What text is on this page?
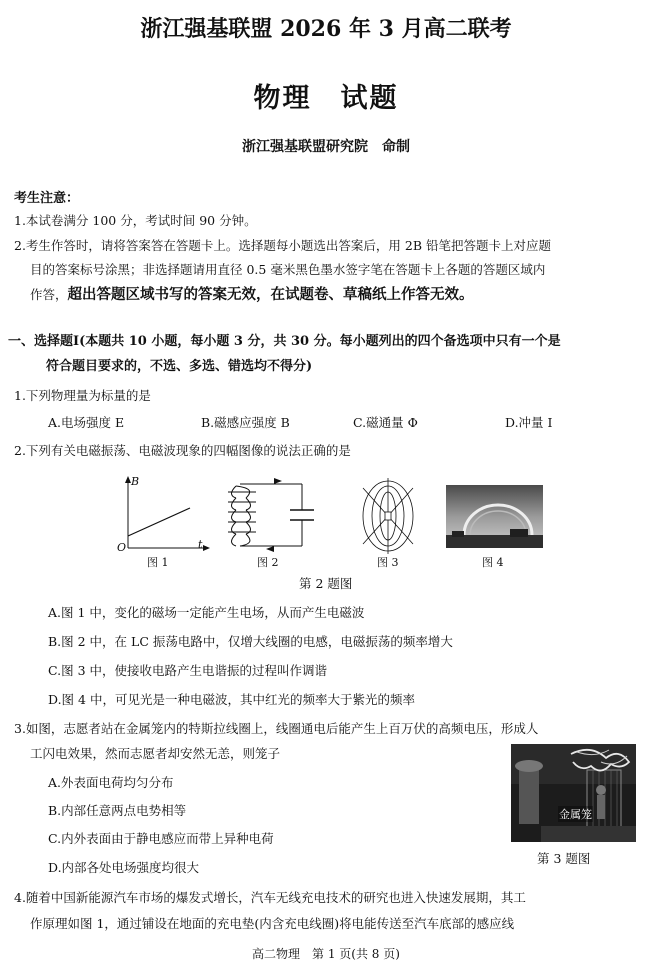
浙江强基联盟 2026 年 3 月高二联考
物理　试题
浙江强基联盟研究院　命制
考生注意：
1.本试卷满分 100 分，考试时间 90 分钟。
2.考生作答时，请将答案答在答题卡上。选择题每小题选出答案后，用 2B 铅笔把答题卡上对应题
目的答案标号涂黑；非选择题请用直径 0.5 毫米黑色墨水签字笔在答题卡上各题的答题区域内
作答，超出答题区域书写的答案无效，在试题卷、草稿纸上作答无效。
一、选择题Ⅰ(本题共 10 小题，每小题 3 分，共 30 分。每小题列出的四个备选项中只有一个是
符合题目要求的，不选、多选、错选均不得分)
1.下列物理量为标量的是
A.电场强度 E	B.磁感应强度 B	C.磁通量 Φ	D.冲量 I
2.下列有关电磁振荡、电磁波现象的四幅图像的说法正确的是
B
t
O
图 1	图 2	图 3	图 4
第 2 题图
A.图 1 中，变化的磁场一定能产生电场，从而产生电磁波
B.图 2 中，在 LC 振荡电路中，仅增大线圈的电感，电磁振荡的频率增大
C.图 3 中，使接收电路产生电谐振的过程叫作调谐
D.图 4 中，可见光是一种电磁波，其中红光的频率大于紫光的频率
3.如图，志愿者站在金属笼内的特斯拉线圈上，线圈通电后能产生上百万伏的高频电压，形成人
工闪电效果，然而志愿者却安然无恙，则笼子
A.外表面电荷均匀分布
B.内部任意两点电势相等
C.内外表面由于静电感应而带上异种电荷
D.内部各处电场强度均很大
金属笼
第 3 题图
4.随着中国新能源汽车市场的爆发式增长，汽车无线充电技术的研究也进入快速发展期，其工
作原理如图 1，通过铺设在地面的充电垫(内含充电线圈)将电能传送至汽车底部的感应线
高二物理　第 1 页(共 8 页)
